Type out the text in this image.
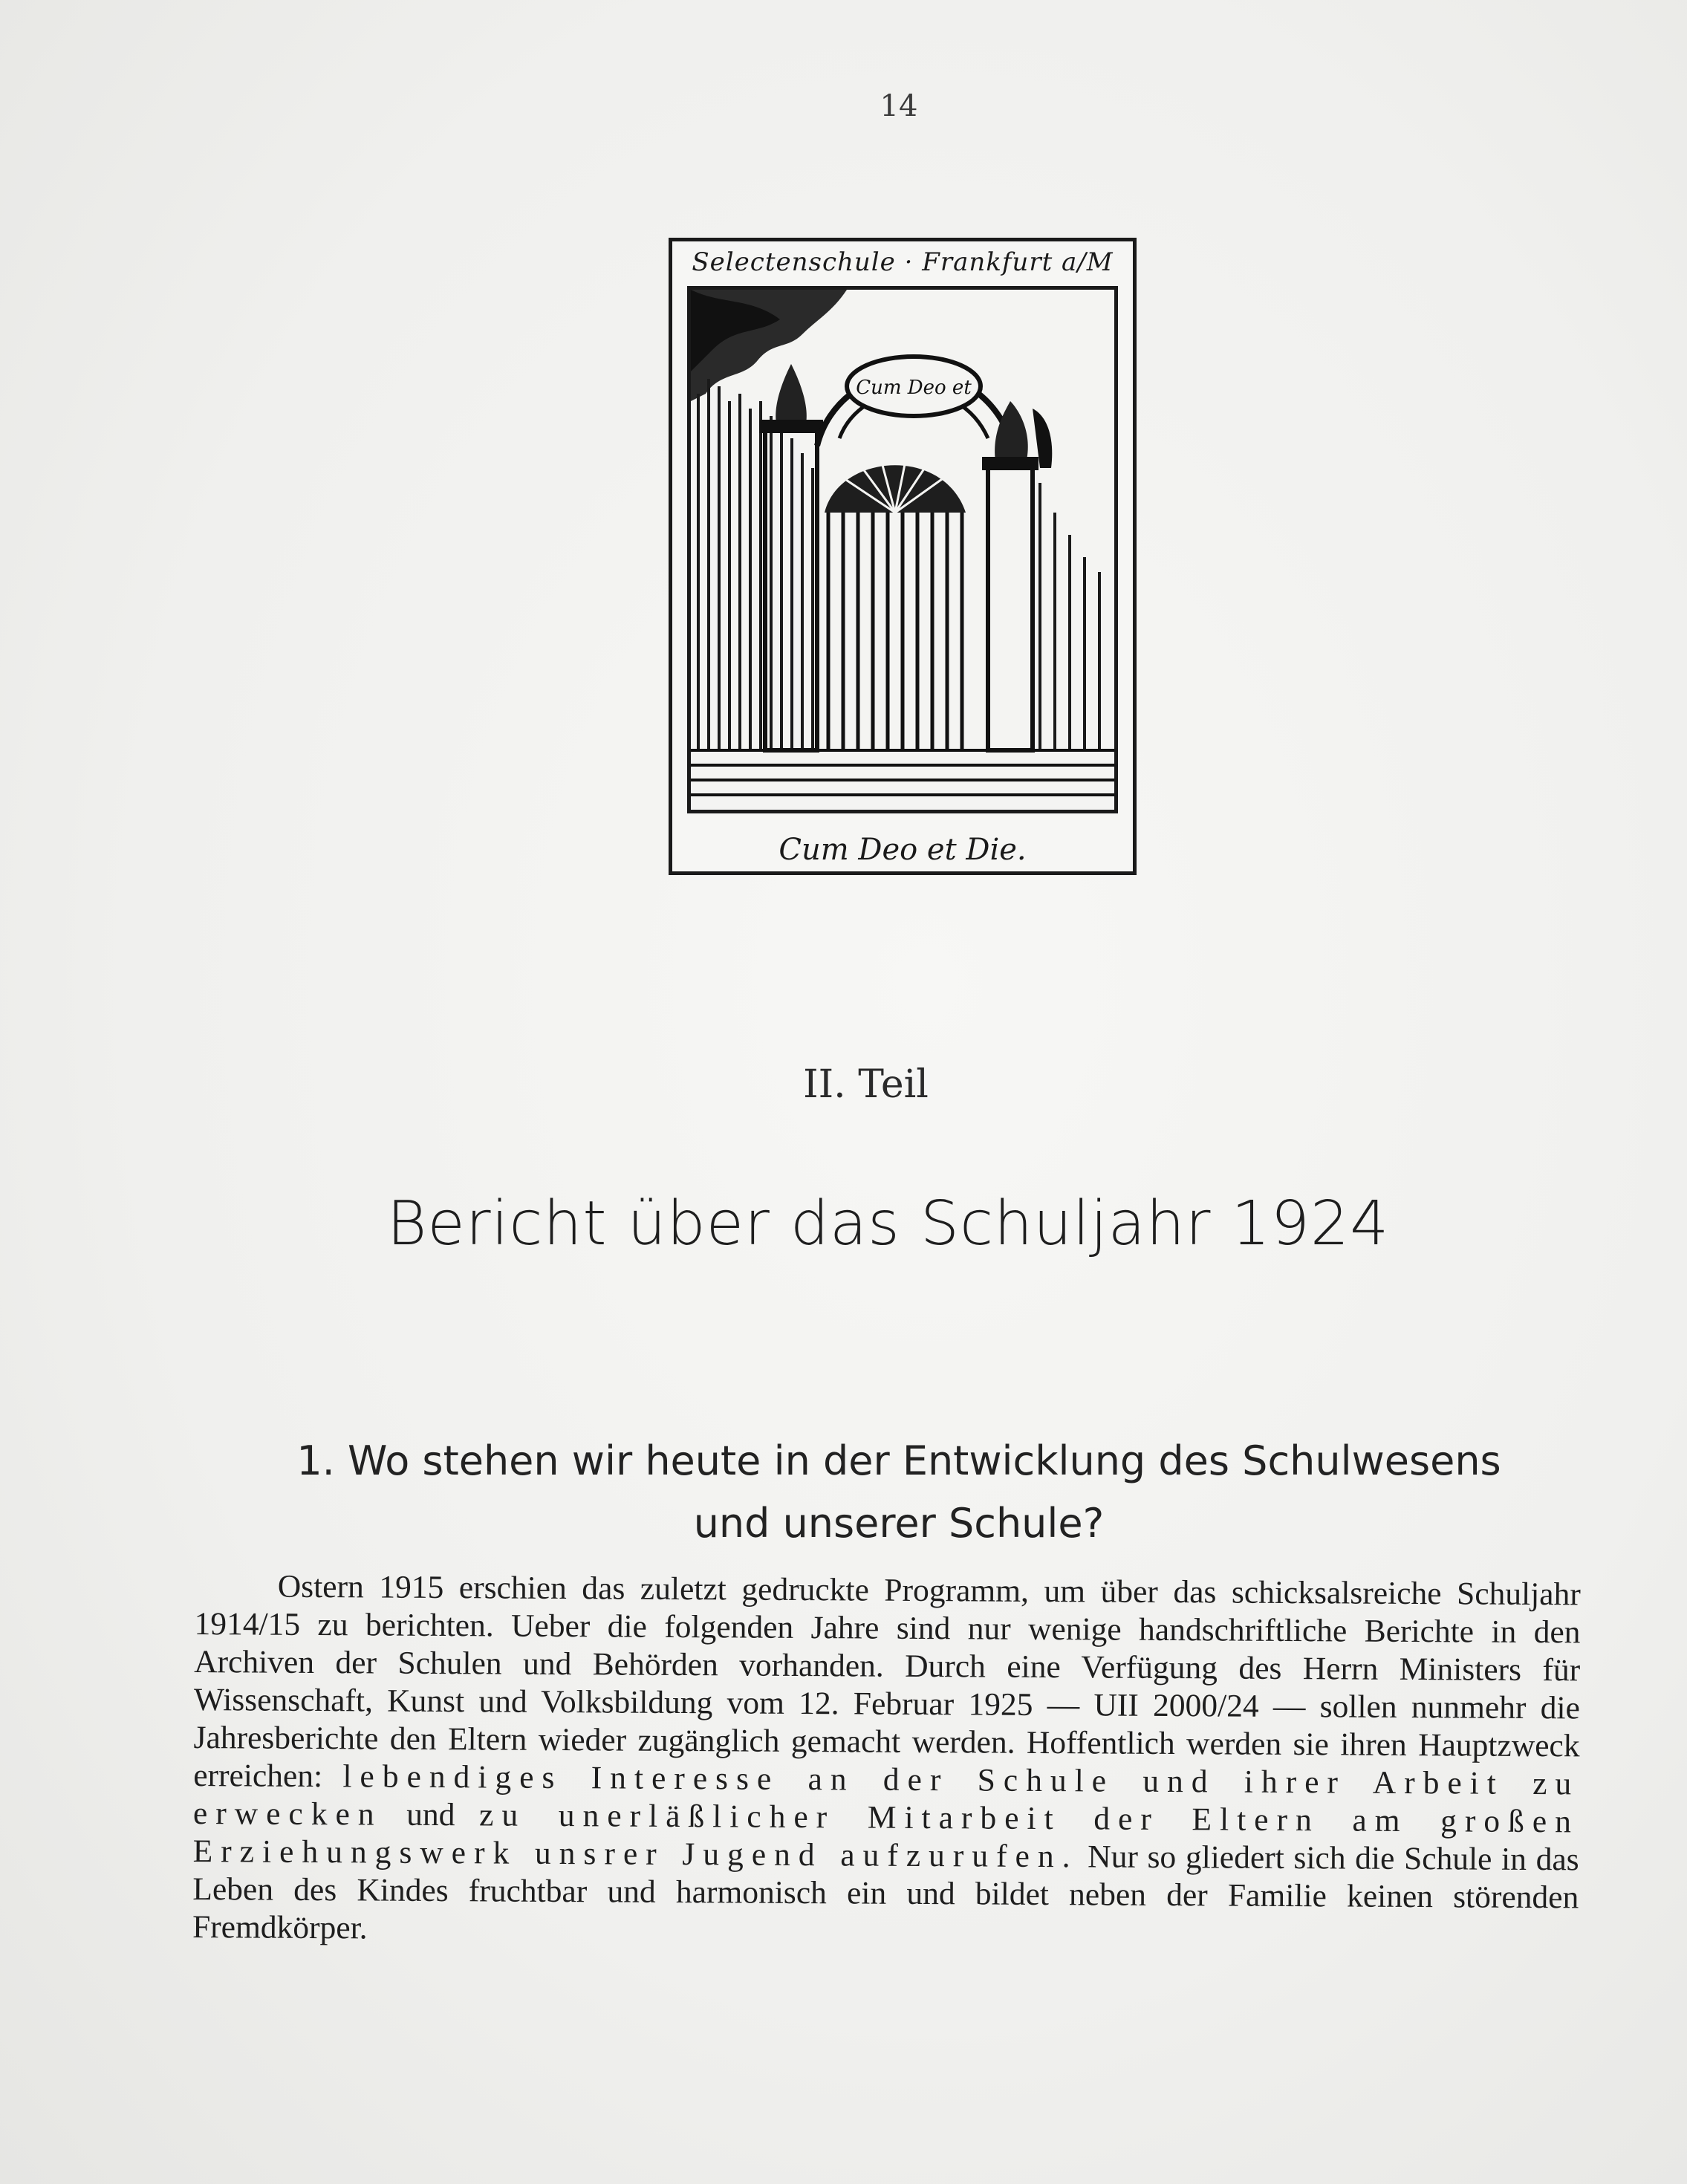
14
Selectenschule · Frankfurt a/M
Cum Deo et
Cum Deo et Die.
II. Teil
Bericht über das Schuljahr 1924
1. Wo stehen wir heute in der Entwicklung des Schulwesens
und unserer Schule?
Ostern 1915 erschien das zuletzt gedruckte Programm, um über das schicksalsreiche Schuljahr 1914/15 zu berichten. Ueber die folgenden Jahre sind nur wenige handschriftliche Berichte in den Archiven der Schulen und Behörden vorhanden. Durch eine Verfügung des Herrn Ministers für Wissenschaft, Kunst und Volksbildung vom 12. Februar 1925 — UII 2000/24 — sollen nunmehr die Jahresberichte den Eltern wieder zugänglich gemacht werden. Hoffentlich werden sie ihren Hauptzweck erreichen: lebendiges Interesse an der Schule und ihrer Arbeit zu erwecken und zu unerläßlicher Mitarbeit der Eltern am großen Erziehungswerk unsrer Jugend aufzurufen. Nur so gliedert sich die Schule in das Leben des Kindes fruchtbar und harmonisch ein und bildet neben der Familie keinen störenden Fremdkörper.
